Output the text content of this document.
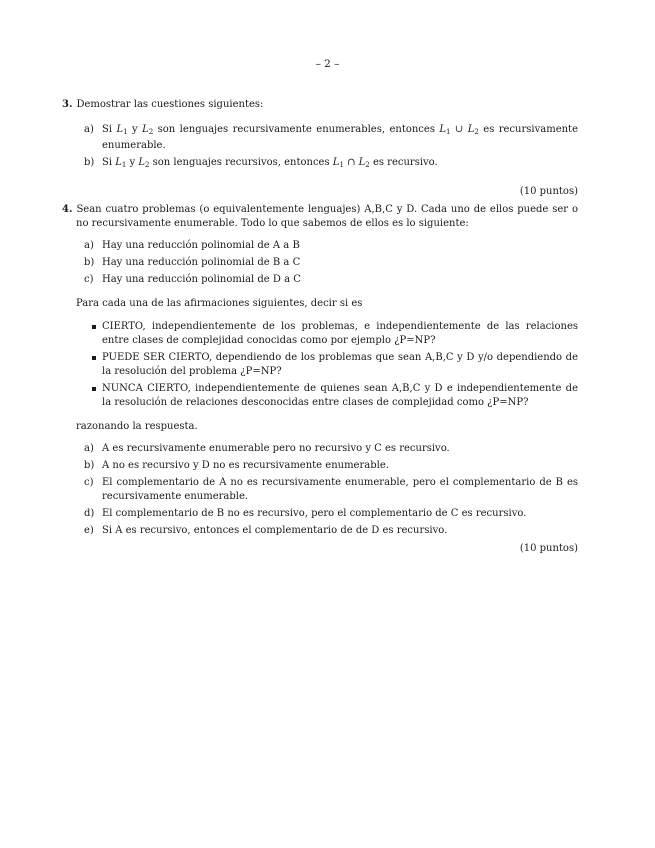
– 2 –
3. Demostrar las cuestiones siguientes:
a) Si $L_1$ y $L_2$ son lenguajes recursivamente enumerables, entonces $L_1$ ∪ $L_2$ es recursivamente enumerable.
b) Si $L_1$ y $L_2$ son lenguajes recursivos, entonces $L_1$ ∩ $L_2$ es recursivo.
(10 puntos)
4. Sean cuatro problemas (o equivalentemente lenguajes) A,B,C y D. Cada uno de ellos puede ser o no recursivamente enumerable. Todo lo que sabemos de ellos es lo siguiente:
a) Hay una reducción polinomial de A a B
b) Hay una reducción polinomial de B a C
c) Hay una reducción polinomial de D a C
Para cada una de las afirmaciones siguientes, decir si es
CIERTO, independientemente de los problemas, e independientemente de las relaciones entre clases de complejidad conocidas como por ejemplo ¿P=NP?
PUEDE SER CIERTO, dependiendo de los problemas que sean A,B,C y D y/o dependiendo de la resolución del problema ¿P=NP?
NUNCA CIERTO, independientemente de quienes sean A,B,C y D e independientemente de la resolución de relaciones desconocidas entre clases de complejidad como ¿P=NP?
razonando la respuesta.
a) A es recursivamente enumerable pero no recursivo y C es recursivo.
b) A no es recursivo y D no es recursivamente enumerable.
c) El complementario de A no es recursivamente enumerable, pero el complementario de B es recursivamente enumerable.
d) El complementario de B no es recursivo, pero el complementario de C es recursivo.
e) Si A es recursivo, entonces el complementario de de D es recursivo.
(10 puntos)
